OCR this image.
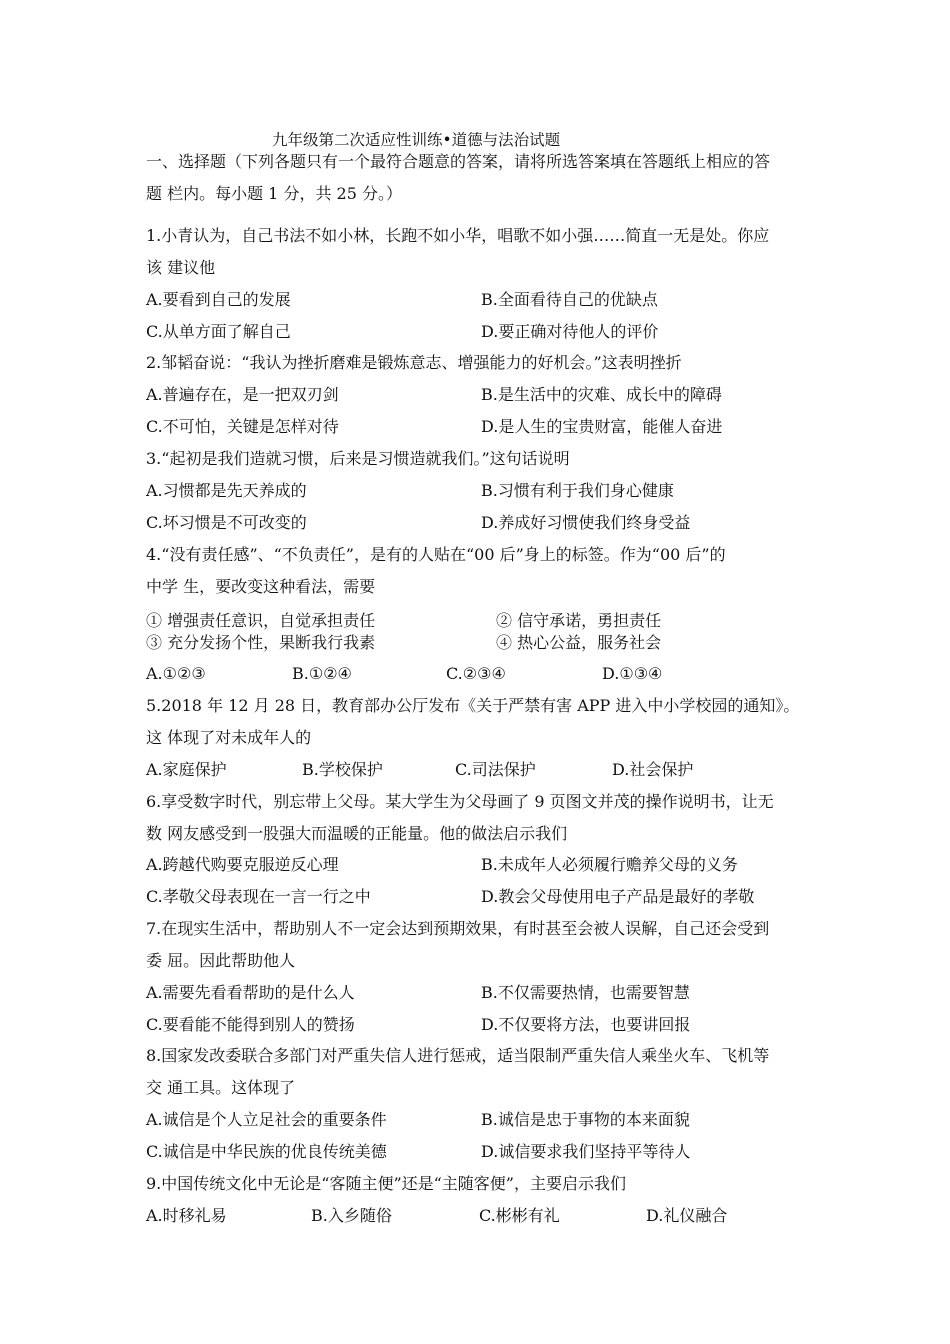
九年级第二次适应性训练•道德与法治试题
一、选择题（下列各题只有一个最符合题意的答案，请将所选答案填在答题纸上相应的答
题 栏内。每小题 1 分，共 25 分。）
1.小青认为，自己书法不如小林，长跑不如小华，唱歌不如小强……简直一无是处。你应
该 建议他
A.要看到自己的发展	B.全面看待自己的优缺点
C.从单方面了解自己	D.要正确对待他人的评价
2.邹韬奋说：“我认为挫折磨难是锻炼意志、增强能力的好机会。”这表明挫折
A.普遍存在，是一把双刃剑	B.是生活中的灾难、成长中的障碍
C.不可怕，关键是怎样对待	D.是人生的宝贵财富，能催人奋进
3.“起初是我们造就习惯，后来是习惯造就我们。”这句话说明
A.习惯都是先天养成的	B.习惯有利于我们身心健康
C.坏习惯是不可改变的	D.养成好习惯使我们终身受益
4.“没有责任感”、“不负责任”，是有的人贴在“00 后”身上的标签。作为“00 后”的
中学 生，要改变这种看法，需要
① 增强责任意识，自觉承担责任	② 信守承诺，勇担责任
③ 充分发扬个性，果断我行我素	④ 热心公益，服务社会
A.①②③	B.①②④	C.②③④	D.①③④
5.2018 年 12 月 28 日，教育部办公厅发布《关于严禁有害 APP 进入中小学校园的通知》。
这 体现了对未成年人的
A.家庭保护	B.学校保护	C.司法保护	D.社会保护
6.享受数字时代，别忘带上父母。某大学生为父母画了 9 页图文并茂的操作说明书，让无
数 网友感受到一股强大而温暖的正能量。他的做法启示我们
A.跨越代购要克服逆反心理	B.未成年人必须履行赡养父母的义务
C.孝敬父母表现在一言一行之中	D.教会父母使用电子产品是最好的孝敬
7.在现实生活中，帮助别人不一定会达到预期效果，有时甚至会被人误解，自己还会受到
委 屈。因此帮助他人
A.需要先看看帮助的是什么人	B.不仅需要热情，也需要智慧
C.要看能不能得到别人的赞扬	D.不仅要将方法，也要讲回报
8.国家发改委联合多部门对严重失信人进行惩戒，适当限制严重失信人乘坐火车、飞机等
交 通工具。这体现了
A.诚信是个人立足社会的重要条件	B.诚信是忠于事物的本来面貌
C.诚信是中华民族的优良传统美德	D.诚信要求我们坚持平等待人
9.中国传统文化中无论是“客随主便”还是“主随客便”，主要启示我们
A.时移礼易	B.入乡随俗	C.彬彬有礼	D.礼仪融合
